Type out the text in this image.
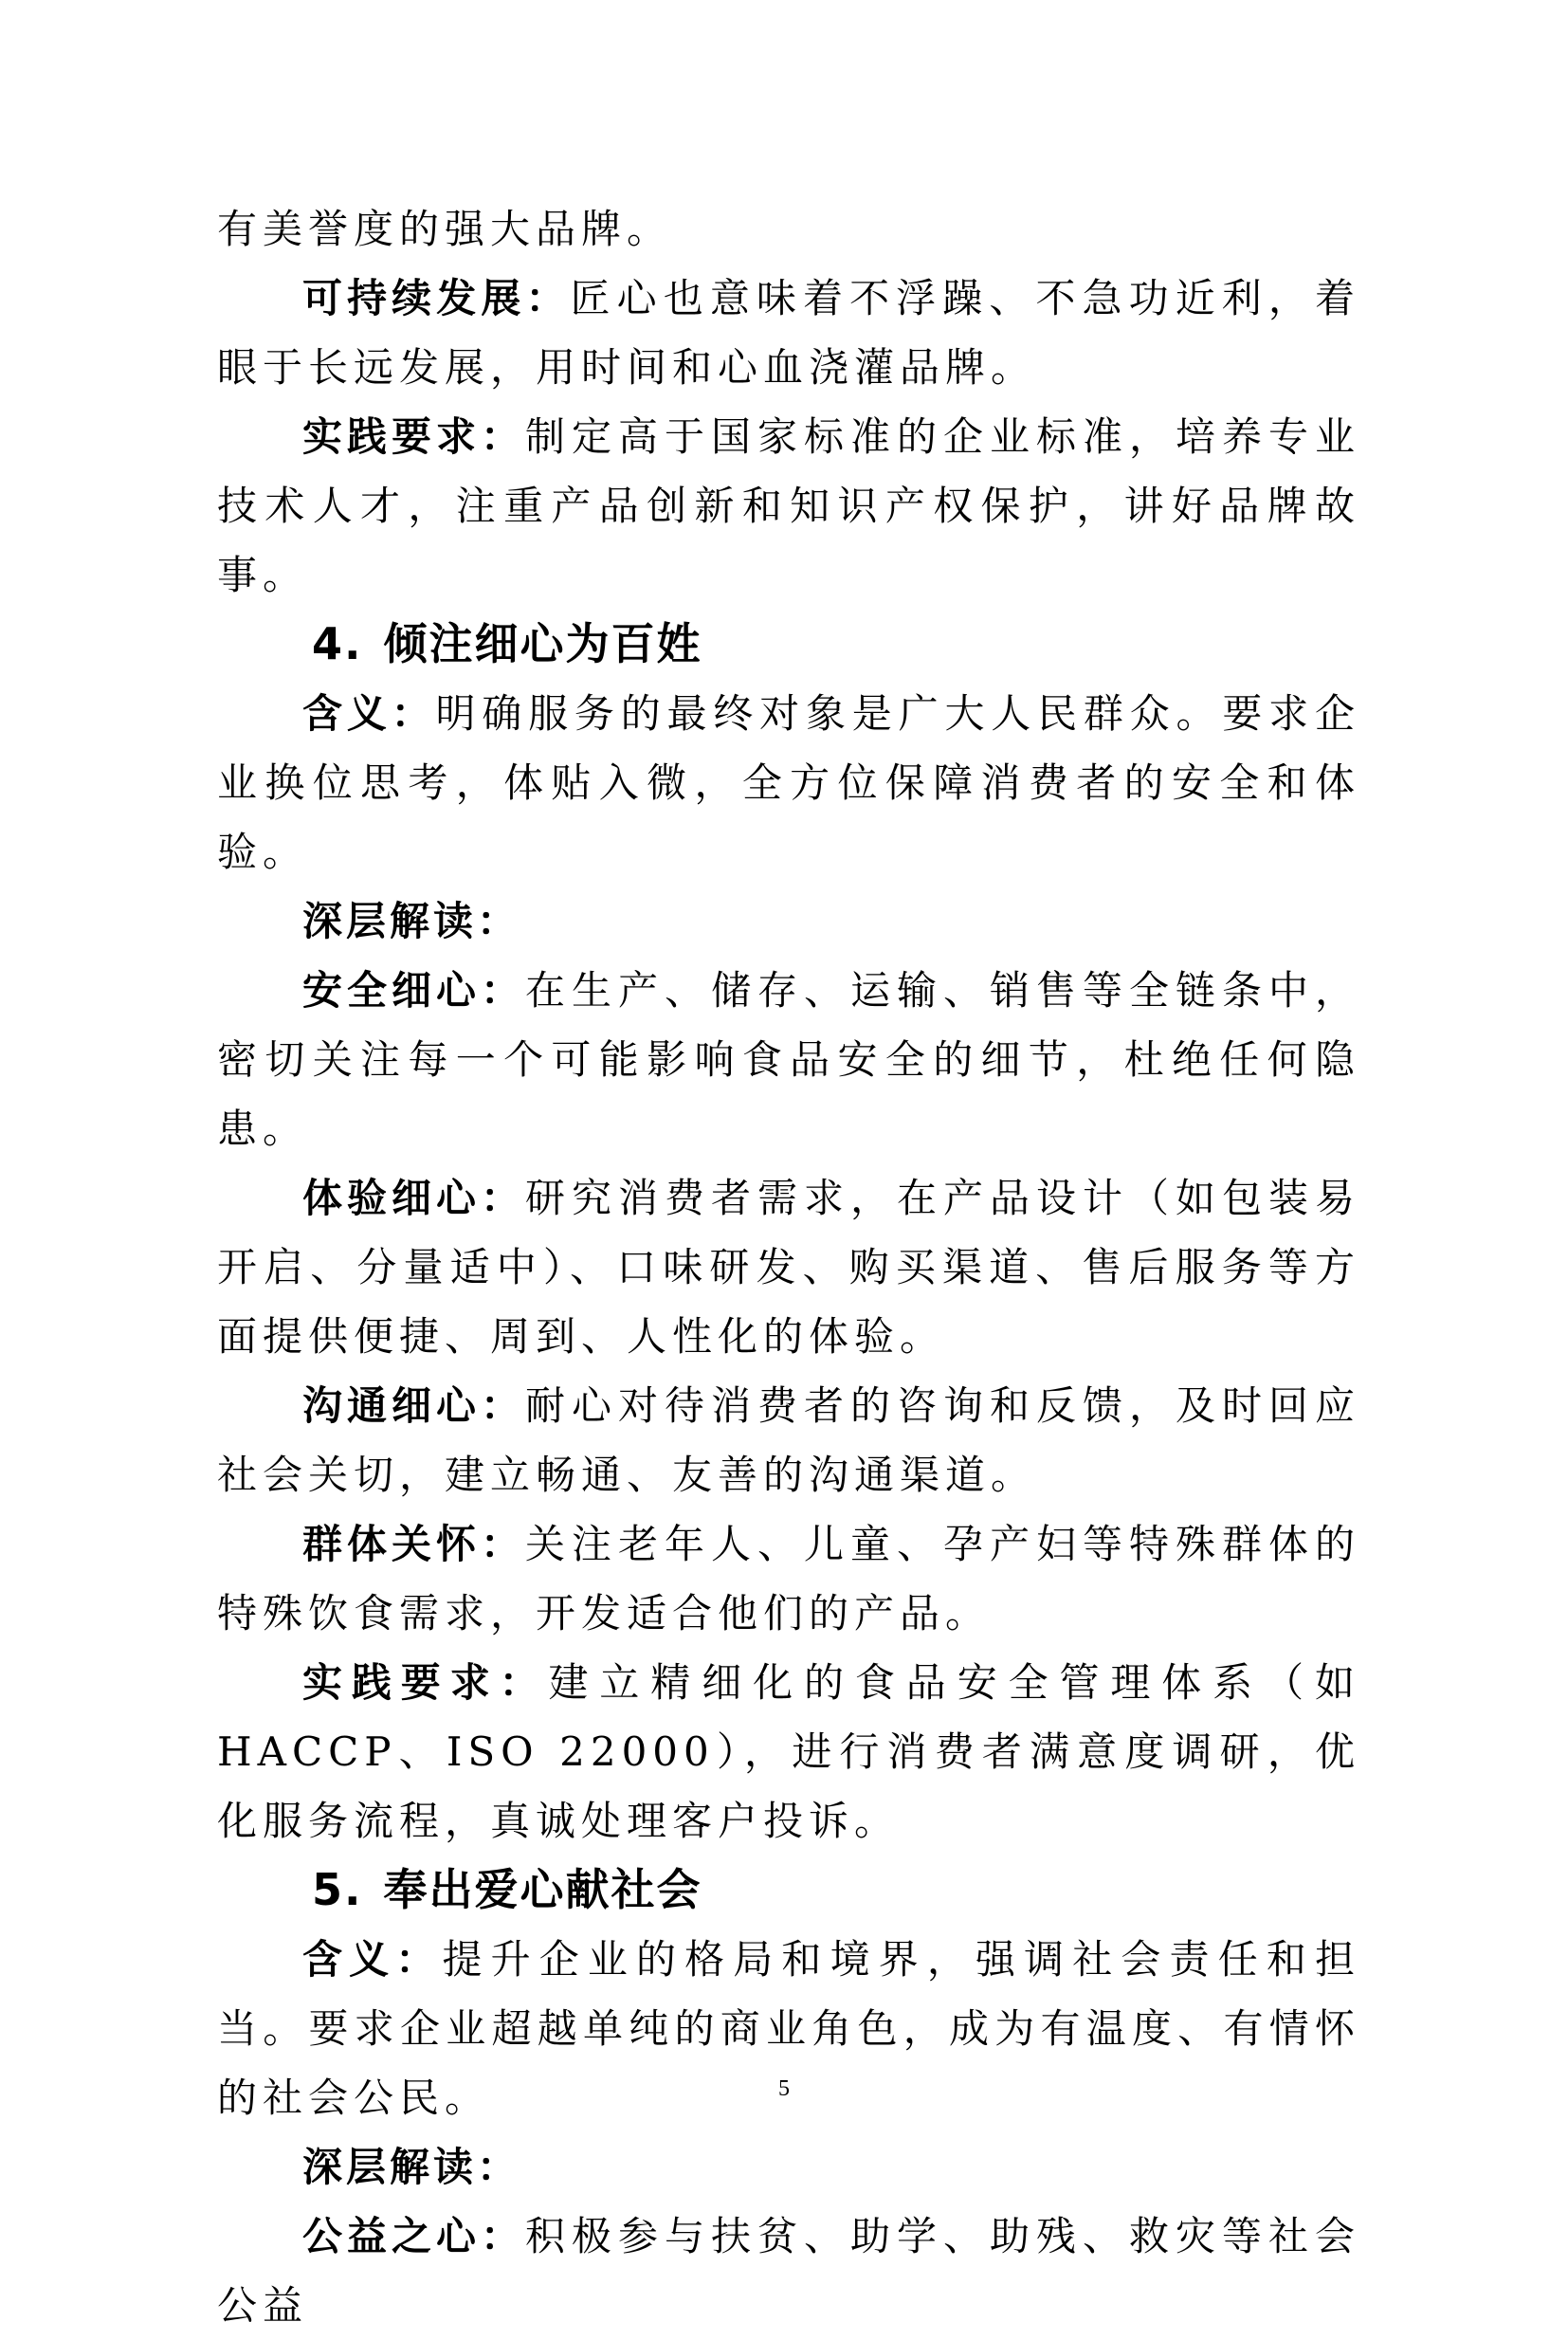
有美誉度的强大品牌。

可持续发展：匠心也意味着不浮躁、不急功近利，着眼于长远发展，用时间和心血浇灌品牌。

实践要求：制定高于国家标准的企业标准，培养专业技术人才，注重产品创新和知识产权保护，讲好品牌故事。

4. 倾注细心为百姓

含义：明确服务的最终对象是广大人民群众。要求企业换位思考，体贴入微，全方位保障消费者的安全和体验。

深层解读：

安全细心：在生产、储存、运输、销售等全链条中，密切关注每一个可能影响食品安全的细节，杜绝任何隐患。

体验细心：研究消费者需求，在产品设计（如包装易开启、分量适中）、口味研发、购买渠道、售后服务等方面提供便捷、周到、人性化的体验。

沟通细心：耐心对待消费者的咨询和反馈，及时回应社会关切，建立畅通、友善的沟通渠道。

群体关怀：关注老年人、儿童、孕产妇等特殊群体的特殊饮食需求，开发适合他们的产品。

实践要求：建立精细化的食品安全管理体系（如 HACCP、ISO 22000），进行消费者满意度调研，优化服务流程，真诚处理客户投诉。

5. 奉出爱心献社会

含义：提升企业的格局和境界，强调社会责任和担当。要求企业超越单纯的商业角色，成为有温度、有情怀的社会公民。

深层解读：

公益之心：积极参与扶贫、助学、助残、救灾等社会公益

5
